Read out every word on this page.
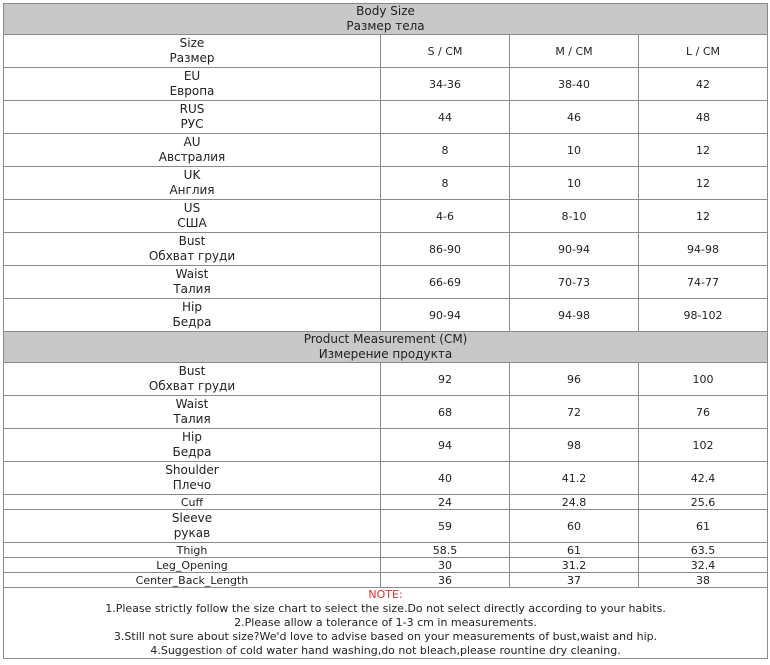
Body Size
Размер тела			

Size
Размер	S / CM	M / CM	L / CM

EU
Европа	34-36	38-40	42

RUS
РУС	44	46	48

AU
Австралия	8	10	12

UK
Англия	8	10	12

US
США	4-6	8-10	12

Bust
Обхват груди	86-90	90-94	94-98

Waist
Талия	66-69	70-73	74-77

Hip
Бедра	90-94	94-98	98-102

Product Measurement (CM)
Измерение продукта			

Bust
Обхват груди	92	96	100

Waist
Талия	68	72	76

Hip
Бедра	94	98	102

Shoulder
Плечо	40	41.2	42.4

Cuff	24	24.8	25.6

Sleeve
рукав	59	60	61

Thigh	58.5	61	63.5

Leg_Opening	30	31.2	32.4

Center_Back_Length	36	37	38

NOTE:
1.Please strictly follow the size chart to select the size.Do not select directly according to your habits.
2.Please allow a tolerance of 1-3 cm in measurements.
3.Still not sure about size?We'd love to advise based on your measurements of bust,waist and hip.
4.Suggestion of cold water hand washing,do not bleach,please rountine dry cleaning.			
